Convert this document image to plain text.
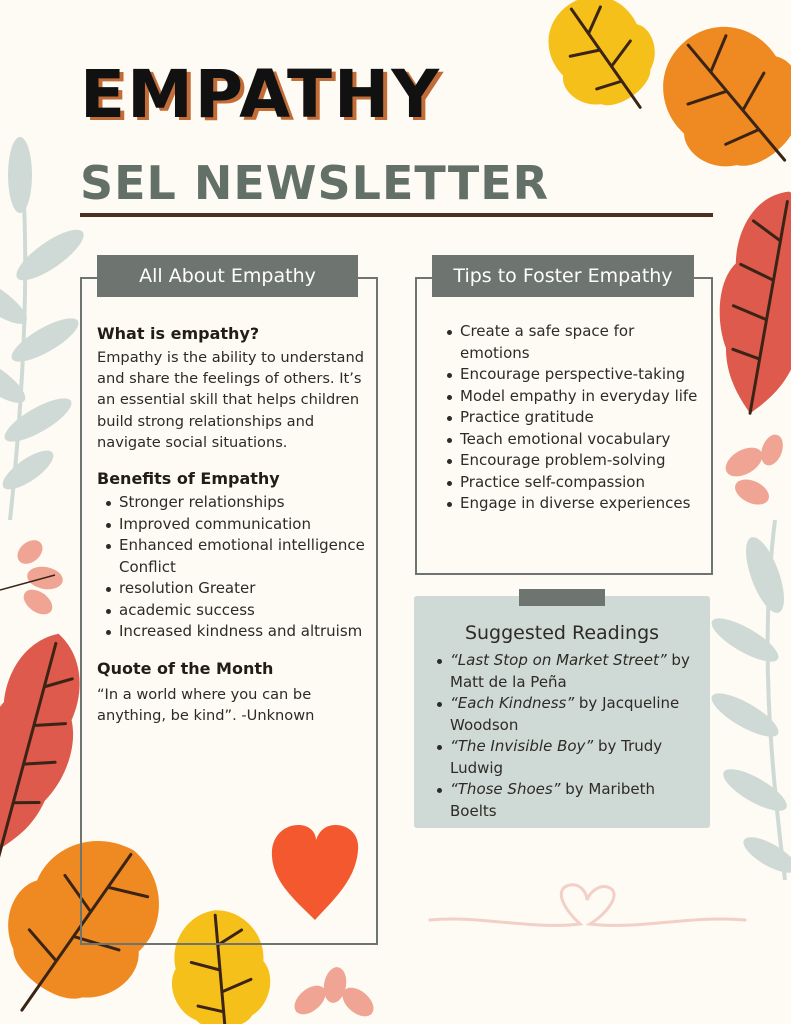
EMPATHY
SEL NEWSLETTER
All About Empathy

What is empathy?

Empathy is the ability to understand and share the feelings of others. It’s an essential skill that helps children build strong relationships and navigate social situations.

Benefits of Empathy

Stronger relationships
Improved communication
Enhanced emotional intelligence Conflict
resolution Greater
academic success
Increased kindness and altruism

Quote of the Month

“In a world where you can be anything, be kind”. -Unknown

Tips to Foster Empathy
Create a safe space for emotions
Encourage perspective-taking
Model empathy in everyday life
Practice gratitude
Teach emotional vocabulary
Encourage problem-solving
Practice self-compassion
Engage in diverse experiences
Suggested Readings
“Last Stop on Market Street” by Matt de la Peña
“Each Kindness” by Jacqueline Woodson
“The Invisible Boy” by Trudy Ludwig
“Those Shoes” by Maribeth Boelts
